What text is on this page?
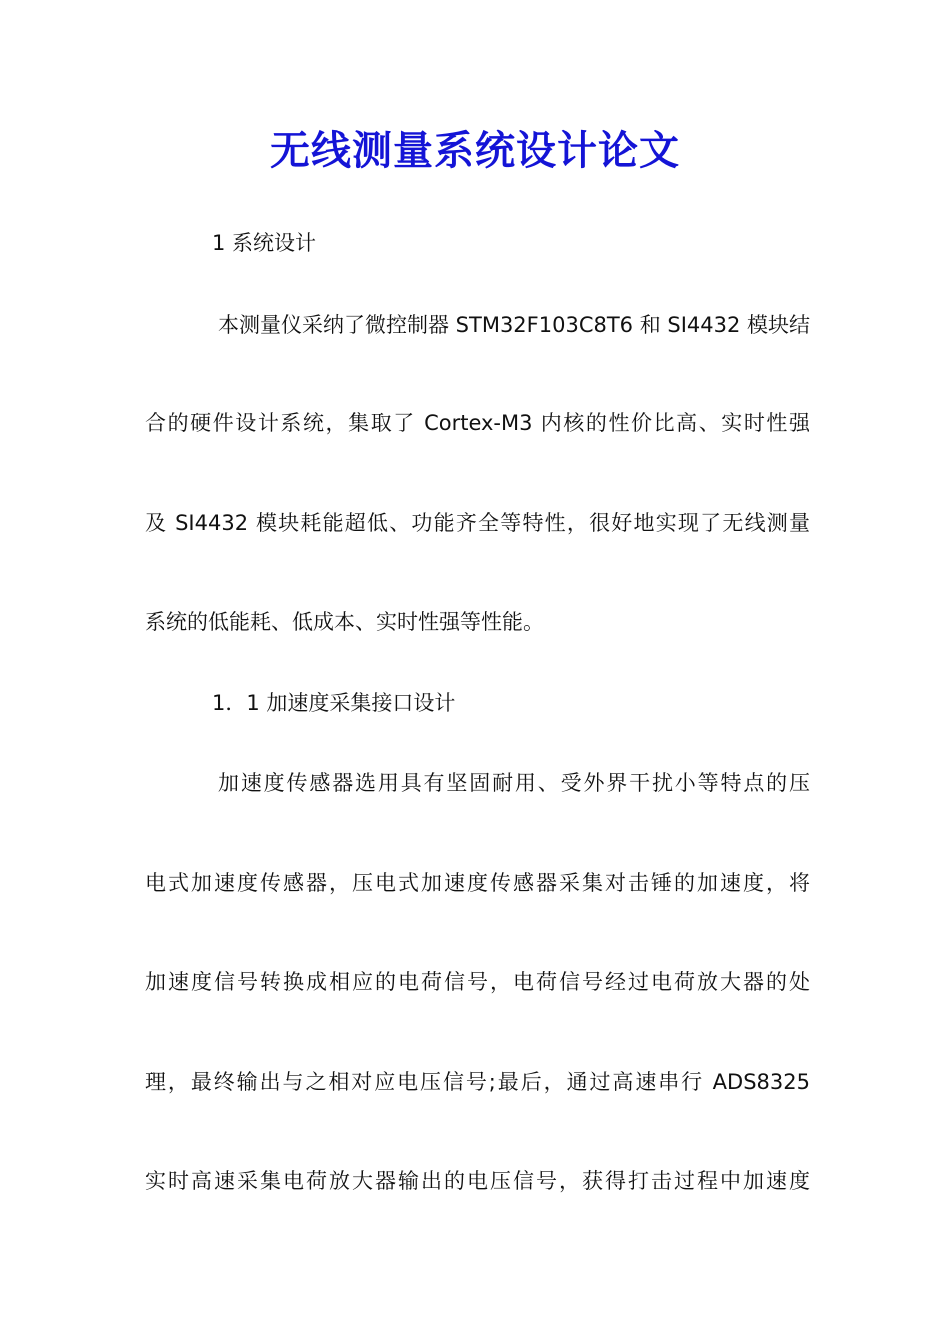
无线测量系统设计论文

1 系统设计

本测量仪采纳了微控制器 STM32F103C8T6 和 SI4432 模块结

合的硬件设计系统，集取了 Cortex-M3 内核的性价比高、实时性强

及 SI4432 模块耗能超低、功能齐全等特性，很好地实现了无线测量

系统的低能耗、低成本、实时性强等性能。

1．1 加速度采集接口设计

加速度传感器选用具有坚固耐用、受外界干扰小等特点的压

电式加速度传感器，压电式加速度传感器采集对击锤的加速度，将

加速度信号转换成相应的电荷信号，电荷信号经过电荷放大器的处

理，最终输出与之相对应电压信号;最后，通过高速串行 ADS8325

实时高速采集电荷放大器输出的电压信号，获得打击过程中加速度
